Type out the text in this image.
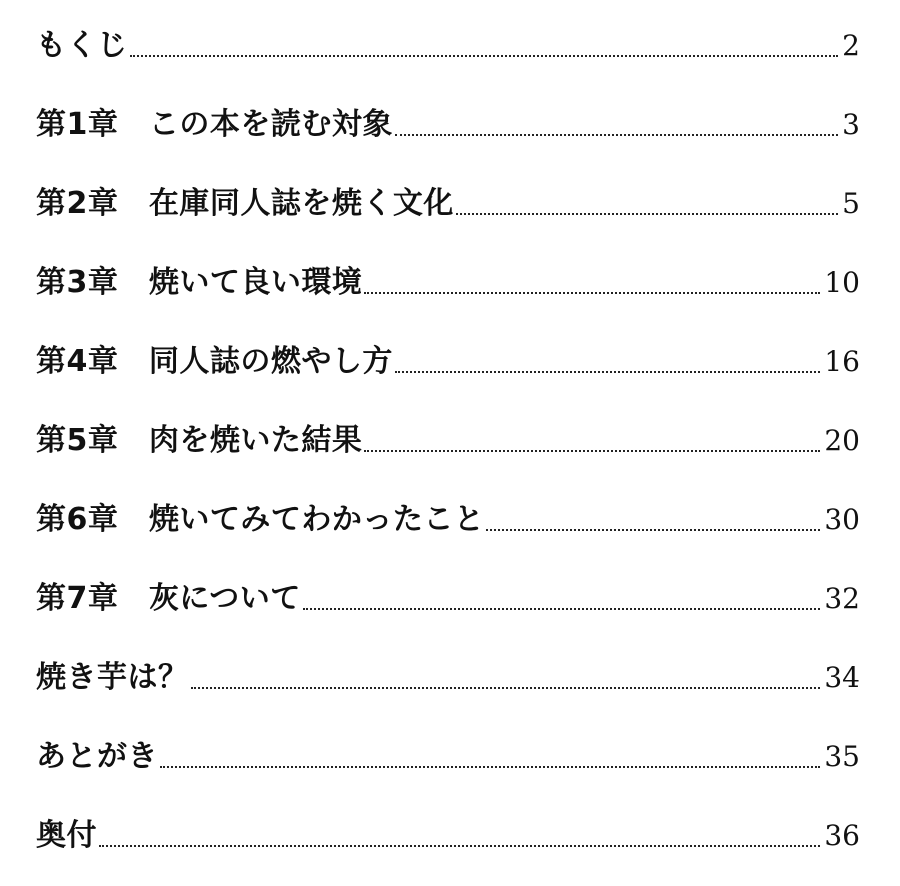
もくじ	2
第1章　この本を読む対象	3
第2章　在庫同人誌を焼く文化	5
第3章　焼いて良い環境	10
第4章　同人誌の燃やし方	16
第5章　肉を焼いた結果	20
第6章　焼いてみてわかったこと	30
第7章　灰について	32
焼き芋は？	34
あとがき	35
奥付	36
